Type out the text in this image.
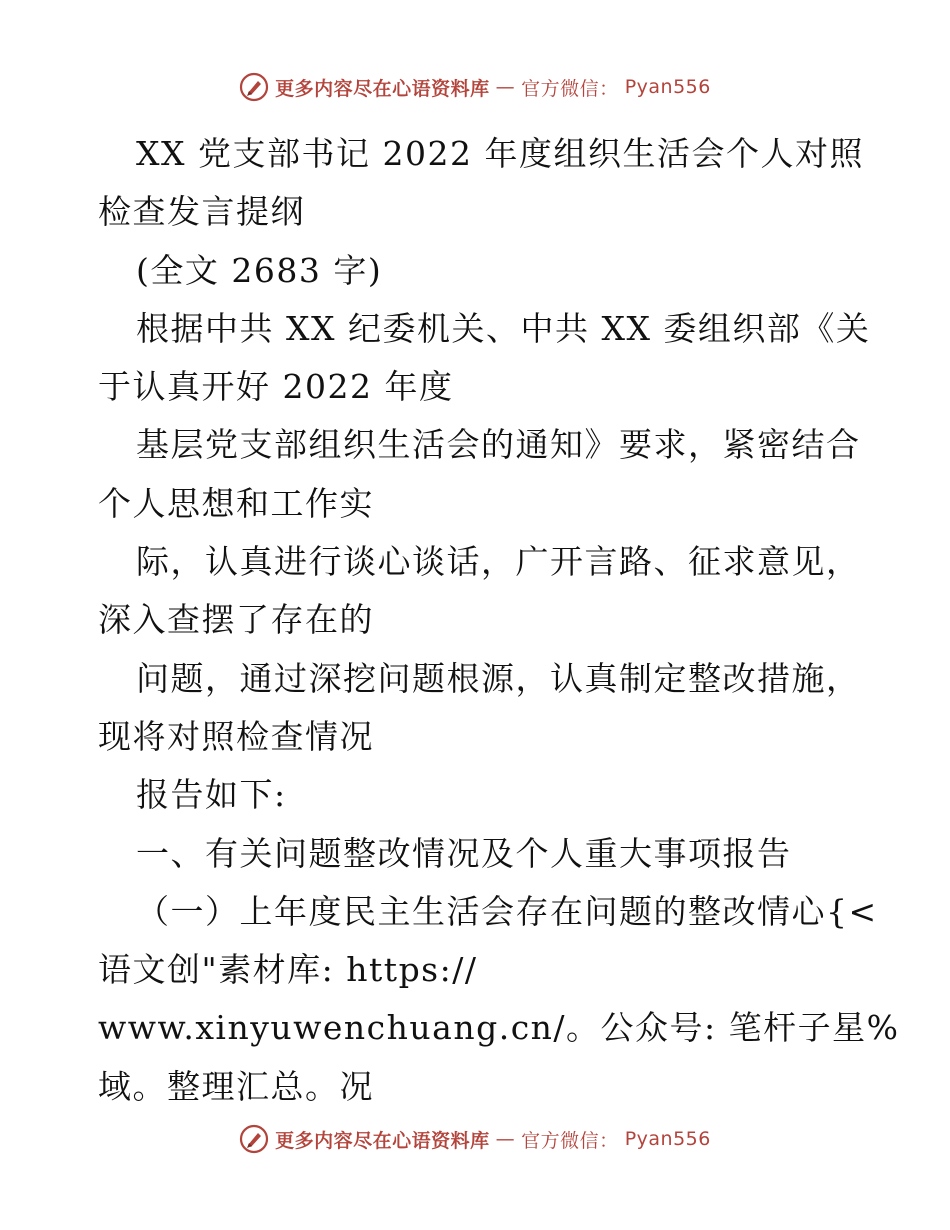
更多内容尽在心语资料库 — 官方微信： Pyan556
XX 党支部书记 2022 年度组织生活会个人对照
检查发言提纲
(全文 2683 字)
根据中共 XX 纪委机关、中共 XX 委组织部《关
于认真开好 2022 年度
基层党支部组织生活会的通知》要求，紧密结合
个人思想和工作实
际，认真进行谈心谈话，广开言路、征求意见，
深入查摆了存在的
问题，通过深挖问题根源，认真制定整改措施，
现将对照检查情况
报告如下:
一、有关问题整改情况及个人重大事项报告
（一）上年度民主生活会存在问题的整改情心{<
语文创"素材库: https://
www.xinyuwenchuang.cn/。公众号: 笔杆子星%
域。整理汇总。况
更多内容尽在心语资料库 — 官方微信： Pyan556
